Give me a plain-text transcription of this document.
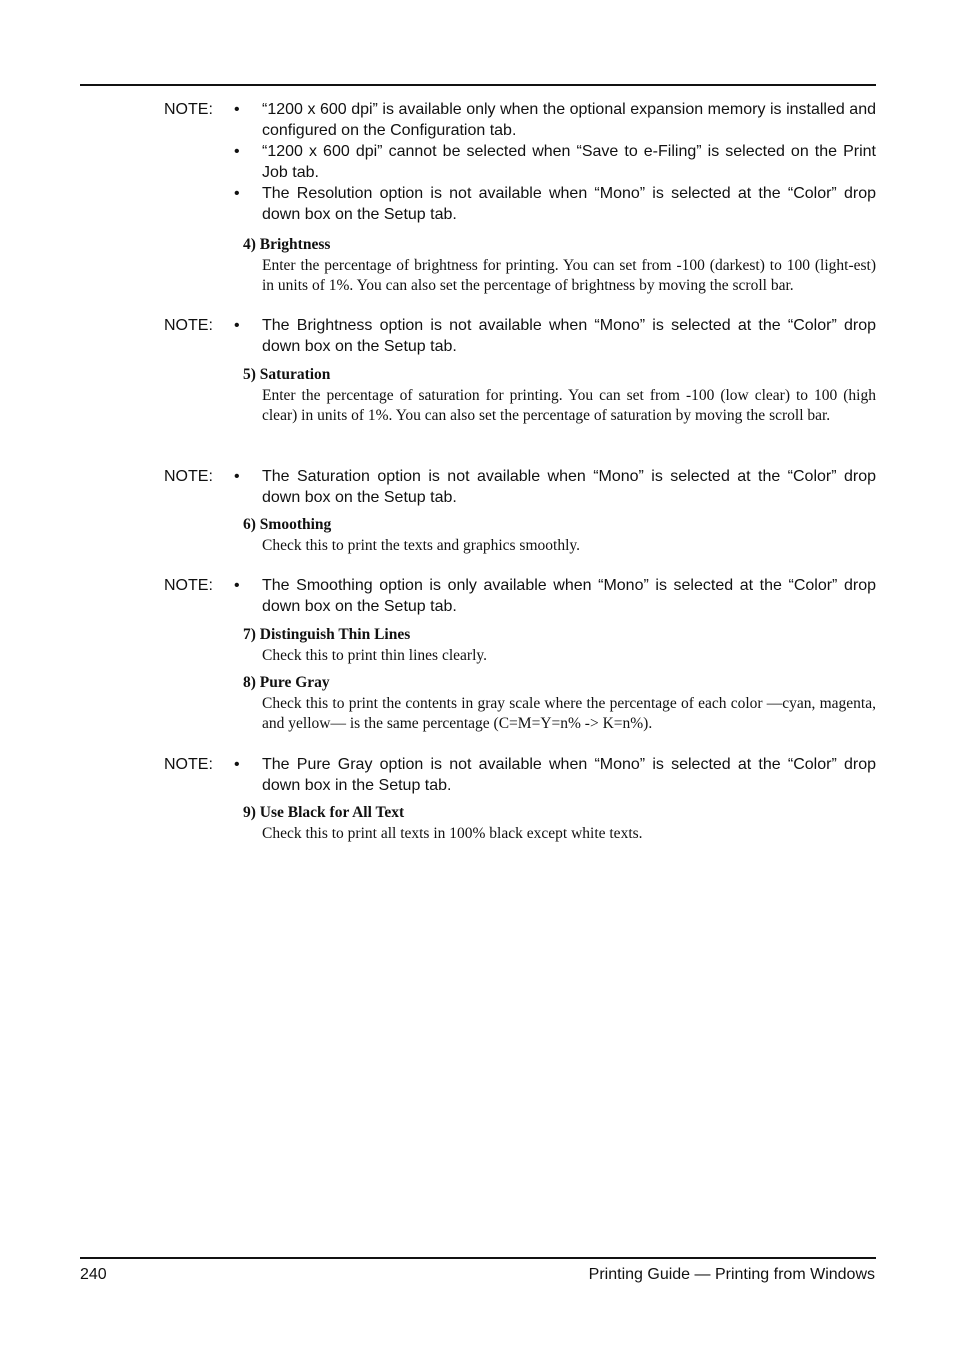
NOTE: • “1200 x 600 dpi” is available only when the optional expansion memory is installed and configured on the Configuration tab.
• “1200 x 600 dpi” cannot be selected when “Save to e-Filing” is selected on the Print Job tab.
• The Resolution option is not available when “Mono” is selected at the “Color” drop down box on the Setup tab.
4) Brightness
Enter the percentage of brightness for printing. You can set from -100 (darkest) to 100 (light-est) in units of 1%. You can also set the percentage of brightness by moving the scroll bar.
NOTE: • The Brightness option is not available when “Mono” is selected at the “Color” drop down box on the Setup tab.
5) Saturation
Enter the percentage of saturation for printing. You can set from -100 (low clear) to 100 (high clear) in units of 1%. You can also set the percentage of saturation by moving the scroll bar.
NOTE: • The Saturation option is not available when “Mono” is selected at the “Color” drop down box on the Setup tab.
6) Smoothing
Check this to print the texts and graphics smoothly.
NOTE: • The Smoothing option is only available when “Mono” is selected at the “Color” drop down box on the Setup tab.
7) Distinguish Thin Lines
Check this to print thin lines clearly.
8) Pure Gray
Check this to print the contents in gray scale where the percentage of each color —cyan, magenta, and yellow— is the same percentage (C=M=Y=n% -> K=n%).
NOTE: • The Pure Gray option is not available when “Mono” is selected at the “Color” drop down box in the Setup tab.
9) Use Black for All Text
Check this to print all texts in 100% black except white texts.
240	Printing Guide — Printing from Windows
